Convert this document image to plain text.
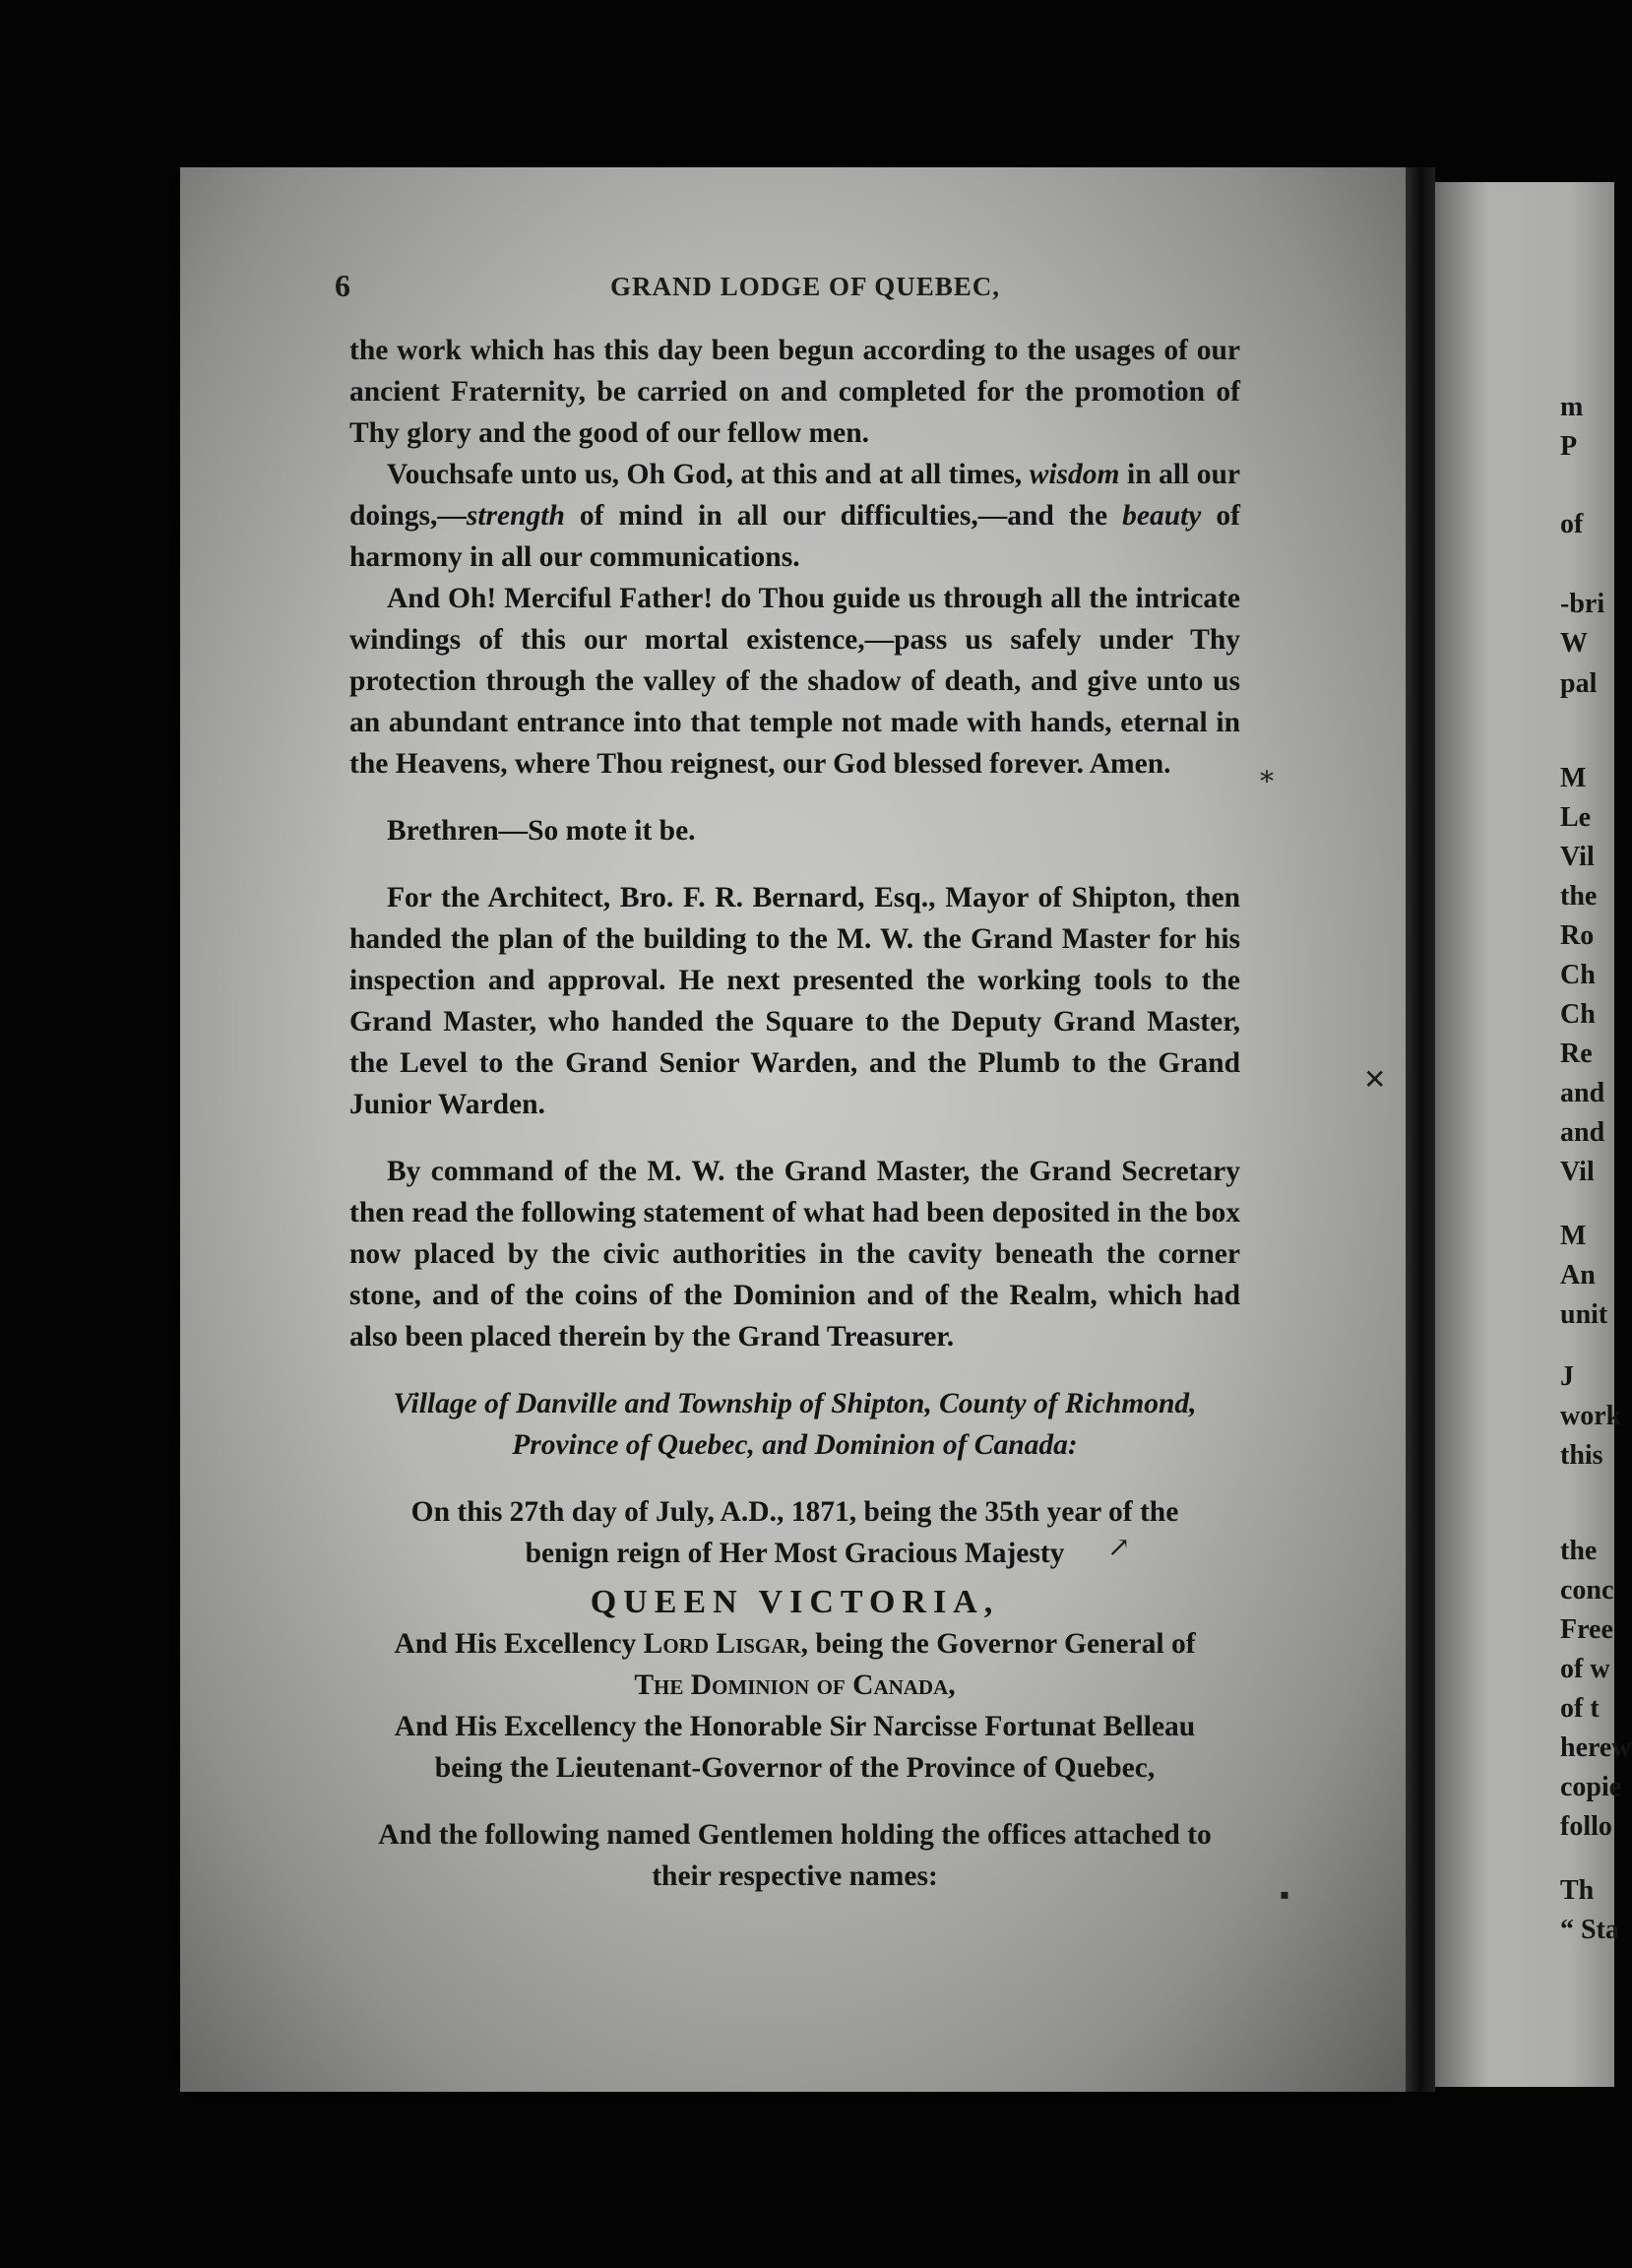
6	GRAND LODGE OF QUEBEC,

the work which has this day been begun according to the usages of our ancient Fraternity, be carried on and completed for the promotion of Thy glory and the good of our fellow men.

Vouchsafe unto us, Oh God, at this and at all times, wisdom in all our doings,—strength of mind in all our difficulties,—and the beauty of harmony in all our communications.

And Oh! Merciful Father! do Thou guide us through all the intricate windings of this our mortal existence,—pass us safely under Thy protection through the valley of the shadow of death, and give unto us an abundant entrance into that temple not made with hands, eternal in the Heavens, where Thou reignest, our God blessed forever. Amen.

Brethren—So mote it be.

For the Architect, Bro. F. R. Bernard, Esq., Mayor of Shipton, then handed the plan of the building to the M. W. the Grand Master for his inspection and approval. He next presented the working tools to the Grand Master, who handed the Square to the Deputy Grand Master, the Level to the Grand Senior Warden, and the Plumb to the Grand Junior Warden.

By command of the M. W. the Grand Master, the Grand Secretary then read the following statement of what had been deposited in the box now placed by the civic authorities in the cavity beneath the corner stone, and of the coins of the Dominion and of the Realm, which had also been placed therein by the Grand Treasurer.

Village of Danville and Township of Shipton, County of Richmond,
Province of Quebec, and Dominion of Canada:

On this 27th day of July, A.D., 1871, being the 35th year of the
benign reign of Her Most Gracious Majesty

QUEEN VICTORIA,

And His Excellency Lord Lisgar, being the Governor General of

The Dominion of Canada,

And His Excellency the Honorable Sir Narcisse Fortunat Belleau
being the Lieutenant-Governor of the Province of Quebec,

And the following named Gentlemen holding the offices attached to
their respective names:

m
P
of
-bri
W
pal
M
Le
Vil
the
Ro
Ch
Ch
Re
and
and
Vil
M
An
unit
J
work
this
the
conc
Free
of w
of t
herew
copie
follo
Th
“ Sta
⁎
✕
↗
▪
